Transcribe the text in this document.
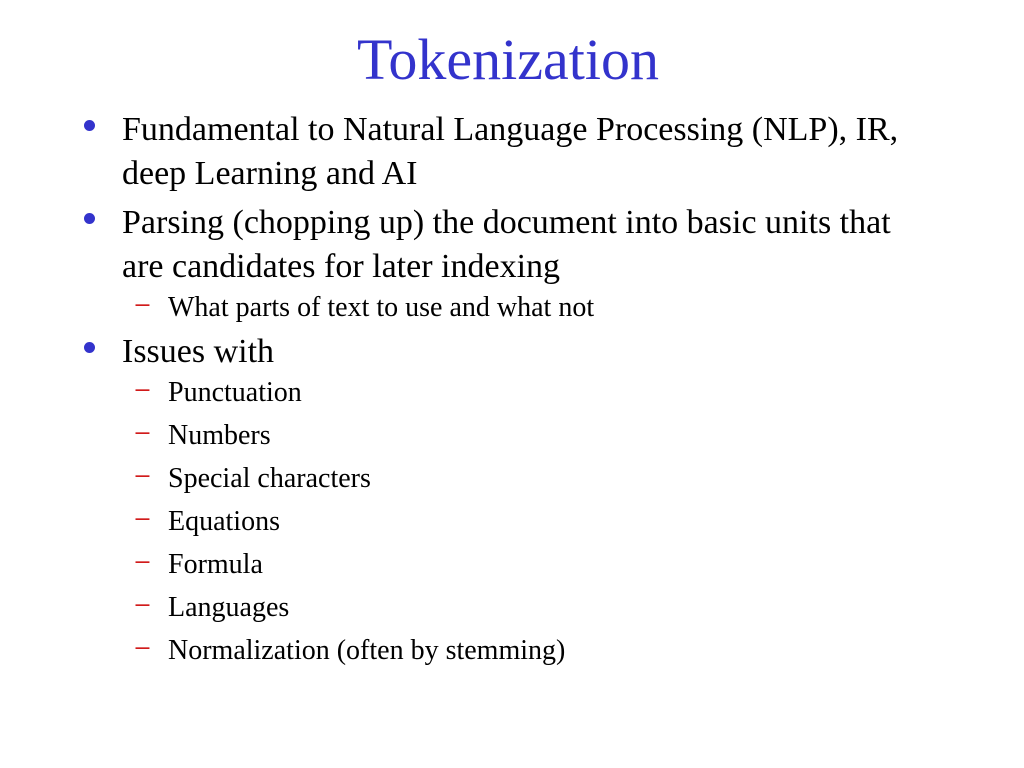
Tokenization
Fundamental to Natural Language Processing (NLP), IR, deep Learning and AI
Parsing (chopping up) the document into basic units that are candidates for later indexing
− What parts of text to use and what not
Issues with
− Punctuation
− Numbers
− Special characters
− Equations
− Formula
− Languages
− Normalization (often by stemming)
